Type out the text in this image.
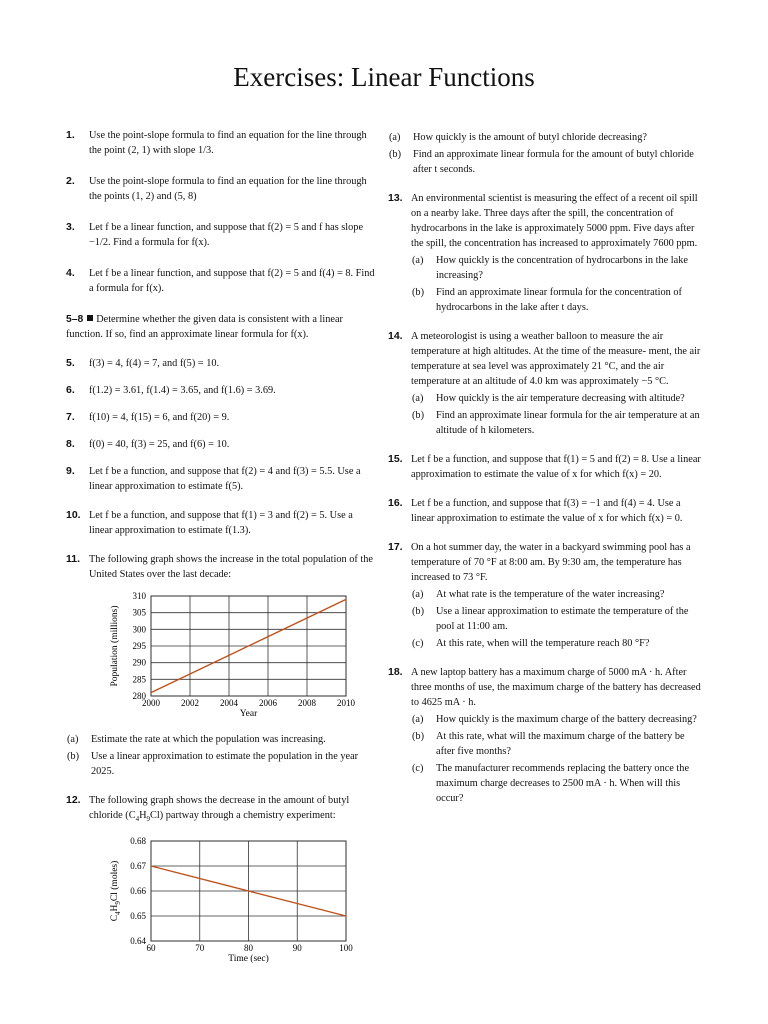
Exercises: Linear Functions
1. Use the point-slope formula to find an equation for the line through the point (2, 1) with slope 1/3.
2. Use the point-slope formula to find an equation for the line through the points (1, 2) and (5, 8)
3. Let f be a linear function, and suppose that f(2) = 5 and f has slope −1/2. Find a formula for f(x).
4. Let f be a linear function, and suppose that f(2) = 5 and f(4) = 8. Find a formula for f(x).
5–8 Determine whether the given data is consistent with a linear function. If so, find an approximate linear formula for f(x).
5. f(3) = 4, f(4) = 7, and f(5) = 10.
6. f(1.2) = 3.61, f(1.4) = 3.65, and f(1.6) = 3.69.
7. f(10) = 4, f(15) = 6, and f(20) = 9.
8. f(0) = 40, f(3) = 25, and f(6) = 10.
9. Let f be a function, and suppose that f(2) = 4 and f(3) = 5.5. Use a linear approximation to estimate f(5).
10. Let f be a function, and suppose that f(1) = 3 and f(2) = 5. Use a linear approximation to estimate f(1.3).
11. The following graph shows the increase in the total population of the United States over the last decade:
2000 2002 2004 2006 2008 2010
280
285
290
295
300
305
310
Year
Population (millions)
(a) Estimate the rate at which the population was increasing.
(b) Use a linear approximation to estimate the population in the year 2025.
12. The following graph shows the decrease in the amount of butyl chloride $(C_4H_9Cl)$ partway through a chemistry experiment:
60	70	80	90	100
0.64
0.65
0.66
0.67
0.68
Time (sec)
$C_4H_9Cl$ (moles)
(a) How quickly is the amount of butyl chloride decreasing?
(b) Find an approximate linear formula for the amount of butyl chloride after t seconds.
13. An environmental scientist is measuring the effect of a recent oil spill on a nearby lake. Three days after the spill, the concentration of hydrocarbons in the lake is approximately 5000 ppm. Five days after the spill, the concentration has increased to approximately 7600 ppm.
(a) How quickly is the concentration of hydrocarbons in the lake increasing?
(b) Find an approximate linear formula for the concentration of hydrocarbons in the lake after t days.
14. A meteorologist is using a weather balloon to measure the air temperature at high altitudes. At the time of the measure- ment, the air temperature at sea level was approximately 21 °C, and the air temperature at an altitude of 4.0 km was approximately −5 °C.
(a) How quickly is the air temperature decreasing with altitude?
(b) Find an approximate linear formula for the air temperature at an altitude of h kilometers.
15. Let f be a function, and suppose that f(1) = 5 and f(2) = 8. Use a linear approximation to estimate the value of x for which f(x) = 20.
16. Let f be a function, and suppose that f(3) = −1 and f(4) = 4. Use a linear approximation to estimate the value of x for which f(x) = 0.
17. On a hot summer day, the water in a backyard swimming pool has a temperature of 70 °F at 8:00 am. By 9:30 am, the temperature has increased to 73 °F.
(a) At what rate is the temperature of the water increasing?
(b) Use a linear approximation to estimate the temperature of the pool at 11:00 am.
(c) At this rate, when will the temperature reach 80 °F?
18. A new laptop battery has a maximum charge of 5000 mA · h. After three months of use, the maximum charge of the battery has decreased to 4625 mA · h.
(a) How quickly is the maximum charge of the battery decreasing?
(b) At this rate, what will the maximum charge of the battery be after five months?
(c) The manufacturer recommends replacing the battery once the maximum charge decreases to 2500 mA · h. When will this occur?
